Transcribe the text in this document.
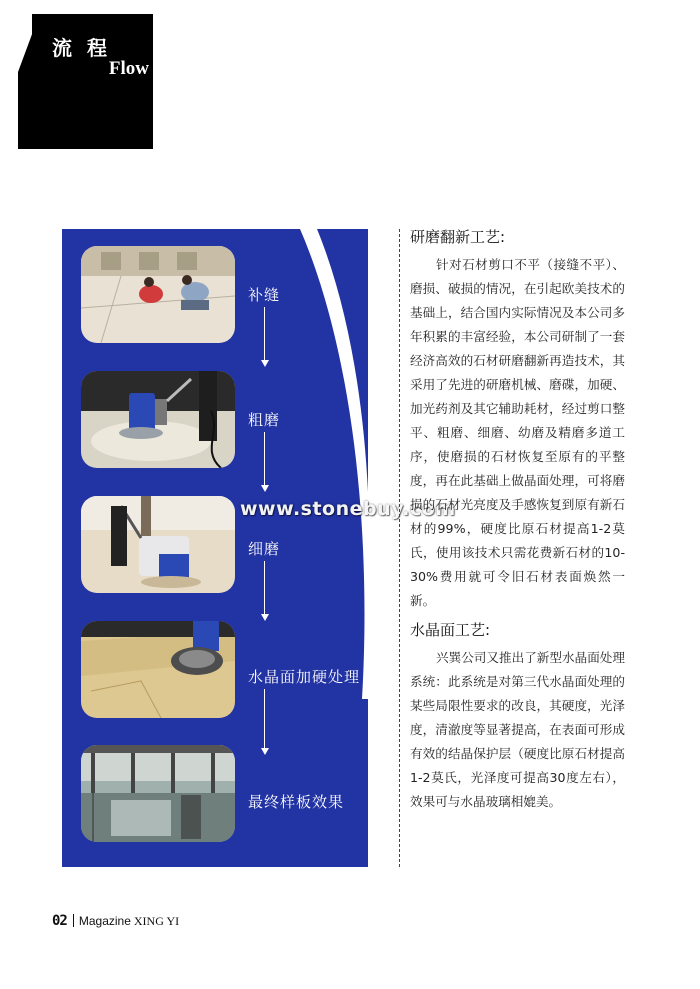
流 程
Flow
补缝
粗磨
细磨
水晶面加硬处理
最终样板效果
www.stonebuy.com
研磨翻新工艺:

针对石材剪口不平（接缝不平）、磨损、破损的情况，在引起欧美技术的基础上，结合国内实际情况及本公司多年积累的丰富经验，本公司研制了一套经济高效的石材研磨翻新再造技术，其采用了先进的研磨机械、磨碟，加硬、加光药剂及其它辅助耗材，经过剪口整平、粗磨、细磨、幼磨及精磨多道工序，使磨损的石材恢复至原有的平整度，再在此基础上做晶面处理，可将磨损的石材光亮度及手感恢复到原有新石材的99%，硬度比原石材提高1-2莫氏，使用该技术只需花费新石材的10-30%费用就可令旧石材表面焕然一新。

水晶面工艺:

兴巽公司又推出了新型水晶面处理系统：此系统是对第三代水晶面处理的某些局限性要求的改良，其硬度，光泽度，清澈度等显著提高，在表面可形成有效的结晶保护层（硬度比原石材提高1-2莫氏，光泽度可提高30度左右），效果可与水晶玻璃相媲美。

02 Magazine XING YI
